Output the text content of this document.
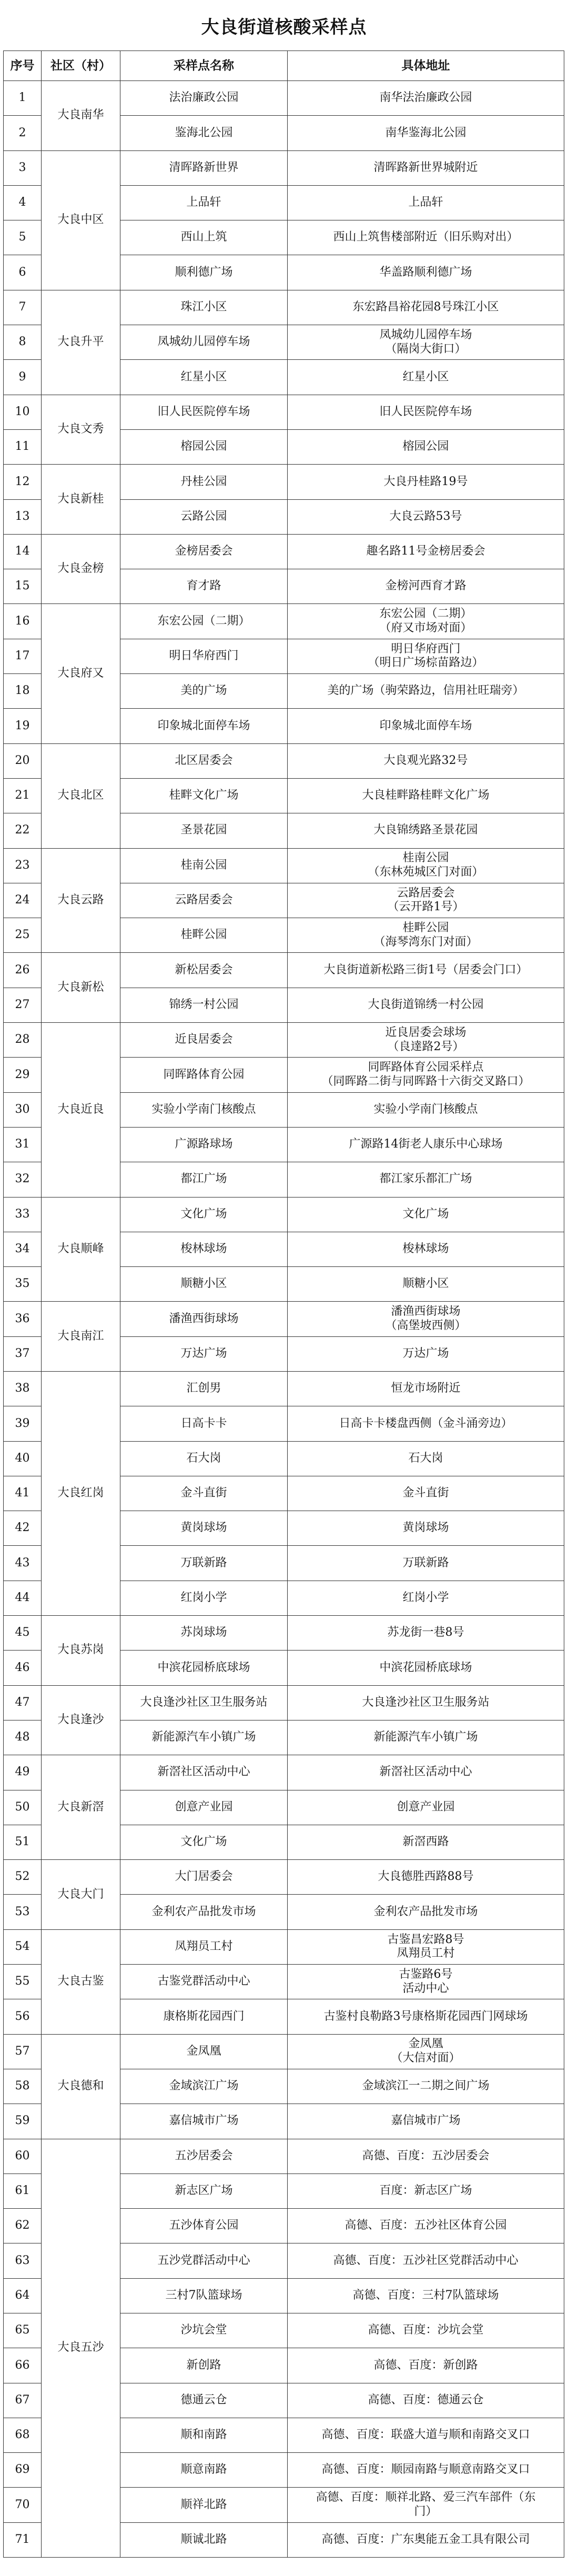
大良街道核酸采样点
序号	社区（村）	采样点名称	具体地址
1	大良南华	法治廉政公园	南华法治廉政公园

2		鉴海北公园	南华鉴海北公园

3	大良中区	清晖路新世界	清晖路新世界城附近

4		上品轩	上品轩

5		西山上筑	西山上筑售楼部附近（旧乐购对出）

6		顺利德广场	华盖路顺利德广场

7	大良升平	珠江小区	东宏路昌裕花园8号珠江小区

8		凤城幼儿园停车场	凤城幼儿园停车场
（隔岗大街口）

9		红星小区	红星小区

10	大良文秀	旧人民医院停车场	旧人民医院停车场

11		榕园公园	榕园公园

12	大良新桂	丹桂公园	大良丹桂路19号

13		云路公园	大良云路53号

14	大良金榜	金榜居委会	趣名路11号金榜居委会

15		育才路	金榜河西育才路

16	大良府又	东宏公园（二期）	东宏公园（二期）
（府又市场对面）

17		明日华府西门	明日华府西门
（明日广场棕苗路边）

18		美的广场	美的广场（驹荣路边，信用社旺瑞旁）

19		印象城北面停车场	印象城北面停车场

20	大良北区	北区居委会	大良观光路32号

21		桂畔文化广场	大良桂畔路桂畔文化广场

22		圣景花园	大良锦绣路圣景花园

23	大良云路	桂南公园	桂南公园
（东林苑城区门对面）

24		云路居委会	云路居委会
（云开路1号）

25		桂畔公园	桂畔公园
（海琴湾东门对面）

26	大良新松	新松居委会	大良街道新松路三街1号（居委会门口）

27		锦绣一村公园	大良街道锦绣一村公园

28	大良近良	近良居委会	近良居委会球场
（良達路2号）

29		同晖路体育公园	同晖路体育公园采样点
（同晖路二街与同晖路十六街交叉路口）

30		实验小学南门核酸点	实验小学南门核酸点

31		广源路球场	广源路14街老人康乐中心球场

32		都江广场	都江家乐都汇广场

33	大良顺峰	文化广场	文化广场

34		梭林球场	梭林球场

35		顺糖小区	顺糖小区

36	大良南江	潘渔西街球场	潘渔西街球场
（高堡坡西侧）

37		万达广场	万达广场

38	大良红岗	汇创男	恒龙市场附近

39		日高卡卡	日高卡卡楼盘西侧（金斗涌旁边）

40		石大岗	石大岗

41		金斗直街	金斗直街

42		黄岗球场	黄岗球场

43		万联新路	万联新路

44		红岗小学	红岗小学

45	大良苏岗	苏岗球场	苏龙街一巷8号

46		中滨花园桥底球场	中滨花园桥底球场

47	大良逢沙	大良逢沙社区卫生服务站	大良逢沙社区卫生服务站

48		新能源汽车小镇广场	新能源汽车小镇广场

49	大良新滘	新滘社区活动中心	新滘社区活动中心

50		创意产业园	创意产业园

51		文化广场	新滘西路

52	大良大门	大门居委会	大良德胜西路88号

53		金利农产品批发市场	金利农产品批发市场

54	大良古鉴	凤翔员工村	古鉴昌宏路8号
凤翔员工村

55		古鉴党群活动中心	古鉴路6号
活动中心

56		康格斯花园西门	古鉴村良勒路3号康格斯花园西门网球场

57	大良德和	金凤凰	金凤凰
（大信对面）

58		金域滨江广场	金域滨江一二期之间广场

59		嘉信城市广场	嘉信城市广场

60	大良五沙	五沙居委会	高德、百度：五沙居委会

61		新志区广场	百度：新志区广场

62		五沙体育公园	高德、百度：五沙社区体育公园

63		五沙党群活动中心	高德、百度：五沙社区党群活动中心

64		三村7队篮球场	高德、百度：三村7队篮球场

65		沙坑会堂	高德、百度：沙坑会堂

66		新创路	高德、百度：新创路

67		德通云仓	高德、百度：德通云仓

68		顺和南路	高德、百度：联盛大道与顺和南路交叉口

69		顺意南路	高德、百度：顺园南路与顺意南路交叉口

70		顺祥北路	高德、百度：顺祥北路、爱三汽车部件（东
门）

71		顺诚北路	高德、百度：广东奥能五金工具有限公司
